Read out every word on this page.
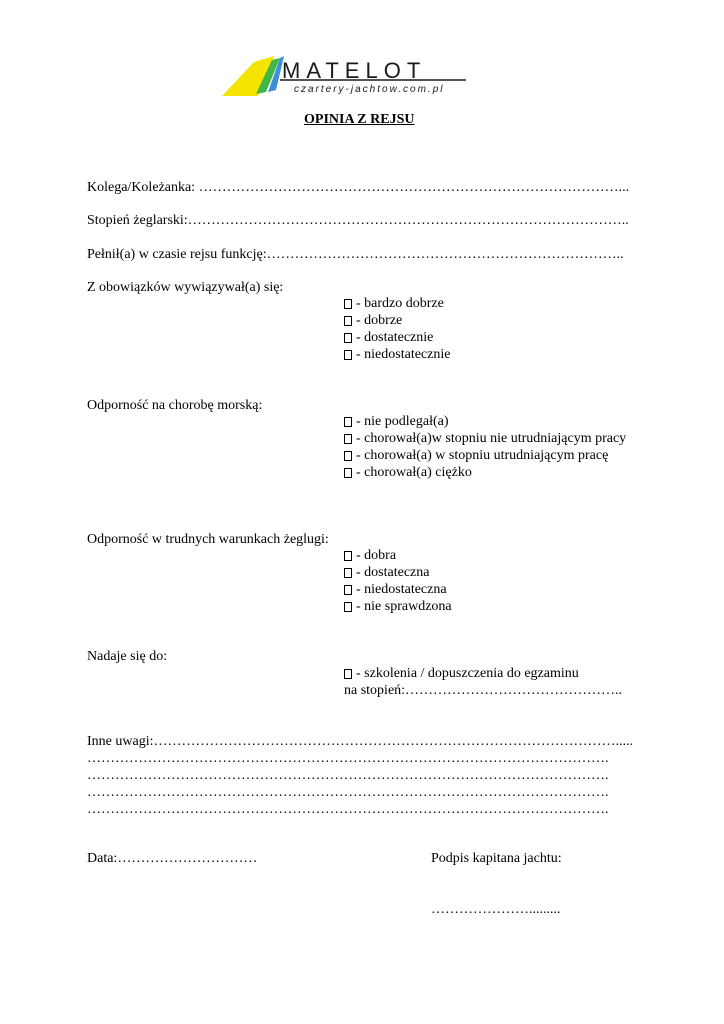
MATELOT
czartery-jachtow.com.pl
OPINIA Z REJSU
Kolega/Koleżanka: ………………………………………………………………………………...
Stopień żeglarski:…………………………………………………………………………………..
Pełnił(a) w czasie rejsu funkcję:…………………………………………………………………..
Z obowiązków wywiązywał(a) się:
- bardzo dobrze
- dobrze
- dostatecznie
- niedostatecznie
Odporność na chorobę morską:
- nie podlegał(a)
- chorował(a)w stopniu nie utrudniającym pracy
- chorował(a) w stopniu utrudniającym pracę
- chorował(a) ciężko
Odporność w trudnych warunkach żeglugi:
- dobra
- dostateczna
- niedostateczna
- nie sprawdzona
Nadaje się do:
- szkolenia / dopuszczenia do egzaminu
na stopień:………………………………………..
Inne uwagi:……………………………………………………………………………………….....
………………………………………………………………………………………………….
………………………………………………………………………………………………….
………………………………………………………………………………………………….
………………………………………………………………………………………………….
Data:…………………………	Podpis kapitana jachtu:
………………….........
